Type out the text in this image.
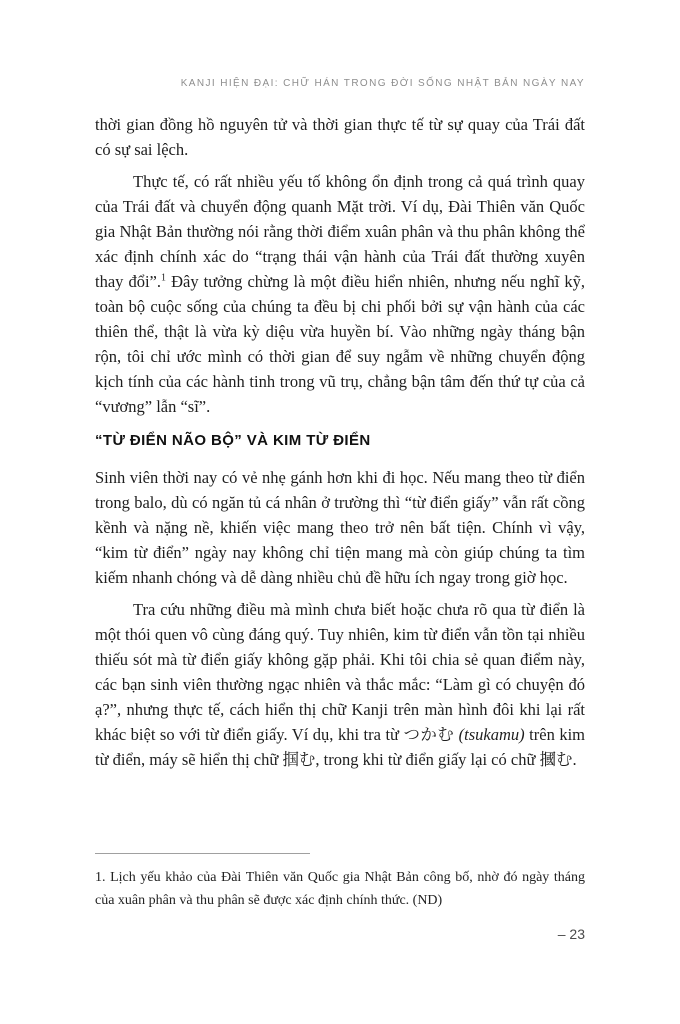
KANJI HIỆN ĐẠI: CHỮ HÁN TRONG ĐỜI SỐNG NHẬT BẢN NGÀY NAY

thời gian đồng hồ nguyên tử và thời gian thực tế từ sự quay của Trái đất có sự sai lệch.

Thực tế, có rất nhiều yếu tố không ổn định trong cả quá trình quay của Trái đất và chuyển động quanh Mặt trời. Ví dụ, Đài Thiên văn Quốc gia Nhật Bản thường nói rằng thời điểm xuân phân và thu phân không thể xác định chính xác do “trạng thái vận hành của Trái đất thường xuyên thay đổi”.$^1$ Đây tưởng chừng là một điều hiển nhiên, nhưng nếu nghĩ kỹ, toàn bộ cuộc sống của chúng ta đều bị chi phối bởi sự vận hành của các thiên thể, thật là vừa kỳ diệu vừa huyền bí. Vào những ngày tháng bận rộn, tôi chỉ ước mình có thời gian để suy ngẫm về những chuyển động kịch tính của các hành tinh trong vũ trụ, chẳng bận tâm đến thứ tự của cả “vương” lẫn “sĩ”.

“TỪ ĐIỂN NÃO BỘ” VÀ KIM TỪ ĐIỂN

Sinh viên thời nay có vẻ nhẹ gánh hơn khi đi học. Nếu mang theo từ điển trong balo, dù có ngăn tủ cá nhân ở trường thì “từ điển giấy” vẫn rất cồng kềnh và nặng nề, khiến việc mang theo trở nên bất tiện. Chính vì vậy, “kim từ điển” ngày nay không chỉ tiện mang mà còn giúp chúng ta tìm kiếm nhanh chóng và dễ dàng nhiều chủ đề hữu ích ngay trong giờ học.

Tra cứu những điều mà mình chưa biết hoặc chưa rõ qua từ điển là một thói quen vô cùng đáng quý. Tuy nhiên, kim từ điển vẫn tồn tại nhiều thiếu sót mà từ điển giấy không gặp phải. Khi tôi chia sẻ quan điểm này, các bạn sinh viên thường ngạc nhiên và thắc mắc: “Làm gì có chuyện đó ạ?”, nhưng thực tế, cách hiển thị chữ Kanji trên màn hình đôi khi lại rất khác biệt so với từ điển giấy. Ví dụ, khi tra từ つかむ (tsukamu) trên kim từ điển, máy sẽ hiển thị chữ 掴む, trong khi từ điển giấy lại có chữ 摑む.

1. Lịch yếu khảo của Đài Thiên văn Quốc gia Nhật Bản công bố, nhờ đó ngày tháng của xuân phân và thu phân sẽ được xác định chính thức. (ND)

– 23
